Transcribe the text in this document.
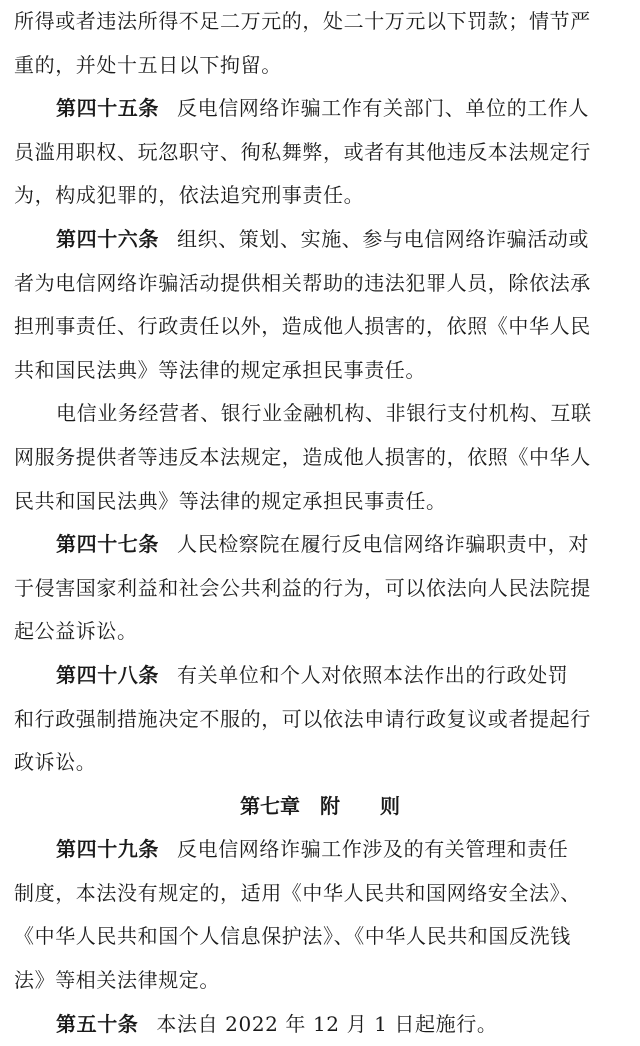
所得或者违法所得不足二万元的，处二十万元以下罚款；情节严
重的，并处十五日以下拘留。
第四十五条 反电信网络诈骗工作有关部门、单位的工作人
员滥用职权、玩忽职守、徇私舞弊，或者有其他违反本法规定行
为，构成犯罪的，依法追究刑事责任。
第四十六条 组织、策划、实施、参与电信网络诈骗活动或
者为电信网络诈骗活动提供相关帮助的违法犯罪人员，除依法承
担刑事责任、行政责任以外，造成他人损害的，依照《中华人民
共和国民法典》等法律的规定承担民事责任。
电信业务经营者、银行业金融机构、非银行支付机构、互联
网服务提供者等违反本法规定，造成他人损害的，依照《中华人
民共和国民法典》等法律的规定承担民事责任。
第四十七条 人民检察院在履行反电信网络诈骗职责中，对
于侵害国家利益和社会公共利益的行为，可以依法向人民法院提
起公益诉讼。
第四十八条 有关单位和个人对依照本法作出的行政处罚
和行政强制措施决定不服的，可以依法申请行政复议或者提起行
政诉讼。
第七章　附　　则
第四十九条 反电信网络诈骗工作涉及的有关管理和责任
制度，本法没有规定的，适用《中华人民共和国网络安全法》、
《中华人民共和国个人信息保护法》、《中华人民共和国反洗钱
法》等相关法律规定。
第五十条 本法自 2022 年 12 月 1 日起施行。
